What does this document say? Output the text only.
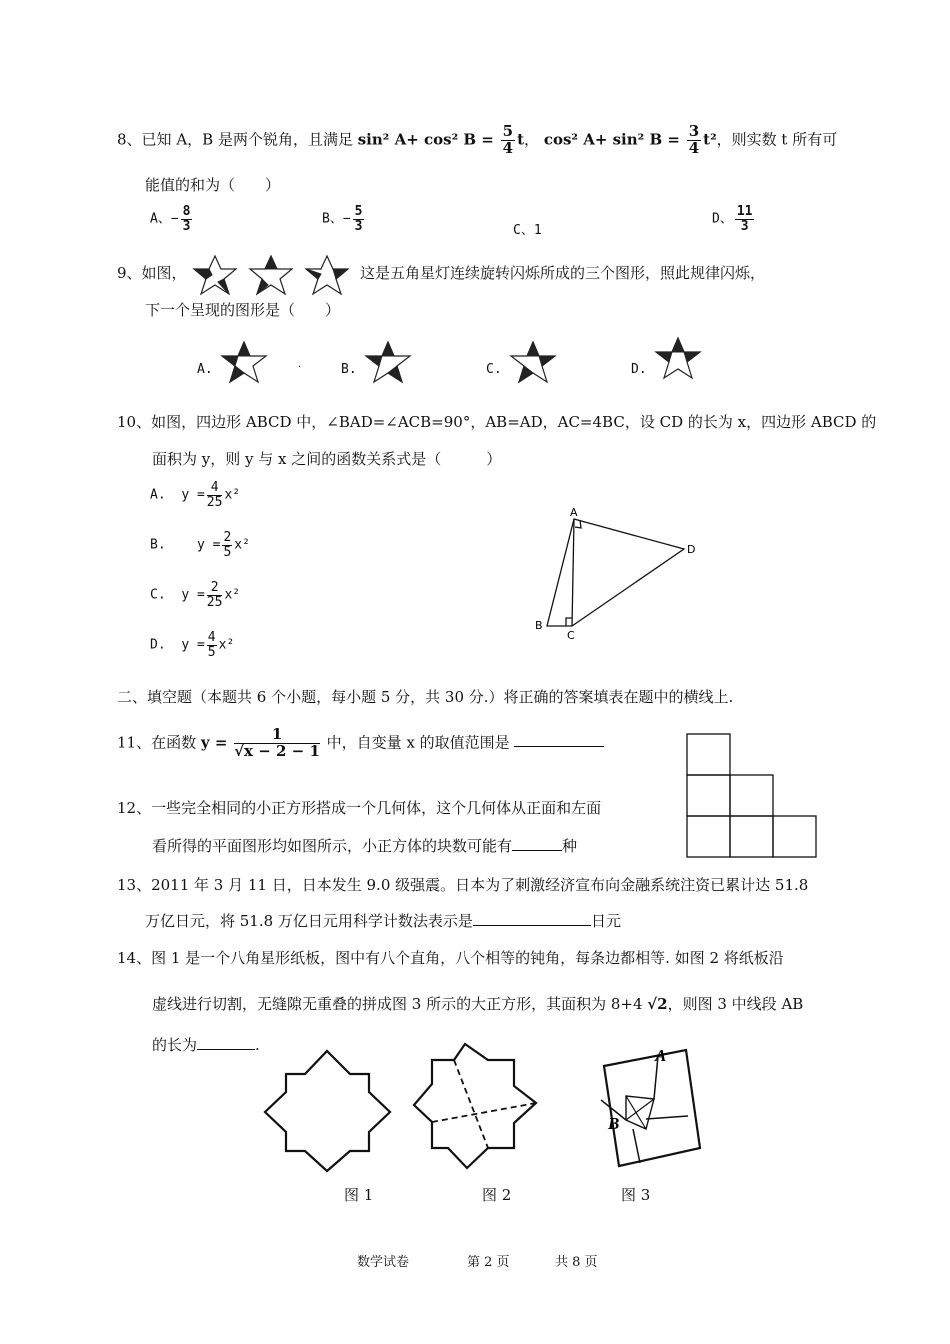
8、已知 A，B 是两个锐角，且满足 sin² A+ cos² $B = \frac{5}{4}$ t， cos² A+ sin² $B = \frac{3}{4} t^2$，则实数 t 所有可
能值的和为（　　）
A、− $\frac{8}{3}$	B、− $\frac{5}{3}$	C、1
D、 $\frac{11}{3}$
9、如图，	这是五角星灯连续旋转闪烁所成的三个图形，照此规律闪烁，
下一个呈现的图形是（　　）
A.	·	B.	C.	D.
10、如图，四边形 ABCD 中，∠BAD=∠ACB=90°，AB=AD，AC=4BC，设 CD 的长为 x，四边形 ABCD 的
面积为 y，则 y 与 x 之间的函数关系式是（　　　）
A. $y = \frac{4}{25} x^2$
B. $y = \frac{2}{5} x^2$
C. $y = \frac{2}{25} x^2$
D. $y = \frac{4}{5} x^2$
A
D
B
C
二、填空题（本题共 6 个小题，每小题 5 分，共 30 分.）将正确的答案填表在题中的横线上.
11、在函数 $y = \frac{1}{√x - 2 - 1}$ 中，自变量 x 的取值范围是
12、一些完全相同的小正方形搭成一个几何体，这个几何体从正面和左面
看所得的平面图形均如图所示，小正方体的块数可能有	种
13、2011 年 3 月 11 日，日本发生 9.0 级强震。日本为了刺激经济宣布向金融系统注资已累计达 51.8
万亿日元，将 51.8 万亿日元用科学计数法表示是	日元
14、图 1 是一个八角星形纸板，图中有八个直角，八个相等的钝角，每条边都相等. 如图 2 将纸板沿
虚线进行切割，无缝隙无重叠的拼成图 3 所示的大正方形，其面积为 8+4 √2，则图 3 中线段 AB
的长为	.
A
B
图 1	图 2	图 3
数学试卷	第 2 页	共 8 页
